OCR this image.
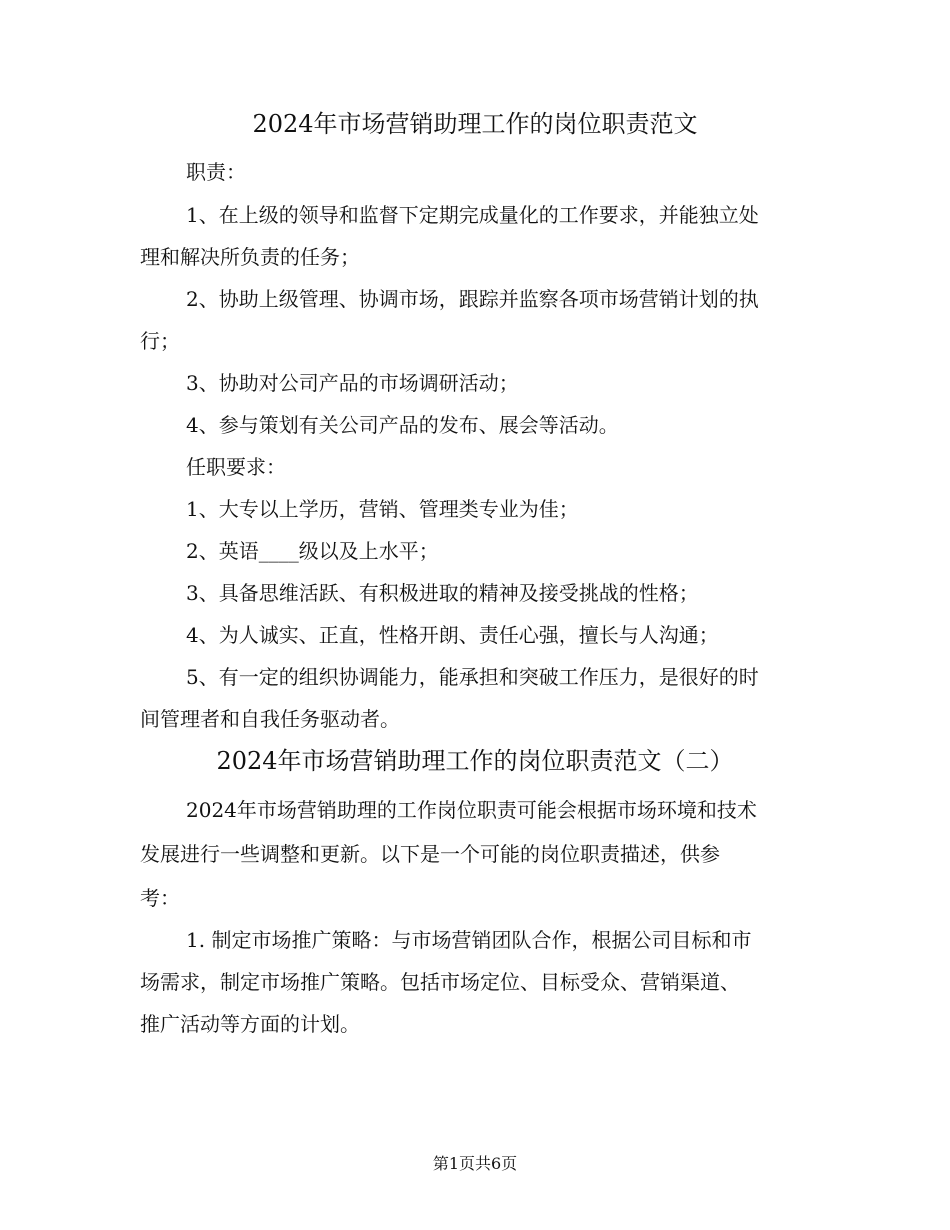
2024年市场营销助理工作的岗位职责范文
职责：
1、在上级的领导和监督下定期完成量化的工作要求，并能独立处
理和解决所负责的任务；
2、协助上级管理、协调市场，跟踪并监察各项市场营销计划的执
行；
3、协助对公司产品的市场调研活动；
4、参与策划有关公司产品的发布、展会等活动。
任职要求：
1、大专以上学历，营销、管理类专业为佳；
2、英语____级以及上水平；
3、具备思维活跃、有积极进取的精神及接受挑战的性格；
4、为人诚实、正直，性格开朗、责任心强，擅长与人沟通；
5、有一定的组织协调能力，能承担和突破工作压力，是很好的时
间管理者和自我任务驱动者。
2024年市场营销助理工作的岗位职责范文（二）
2024年市场营销助理的工作岗位职责可能会根据市场环境和技术
发展进行一些调整和更新。以下是一个可能的岗位职责描述，供参
考：
1. 制定市场推广策略：与市场营销团队合作，根据公司目标和市
场需求，制定市场推广策略。包括市场定位、目标受众、营销渠道、
推广活动等方面的计划。
第1页共6页
